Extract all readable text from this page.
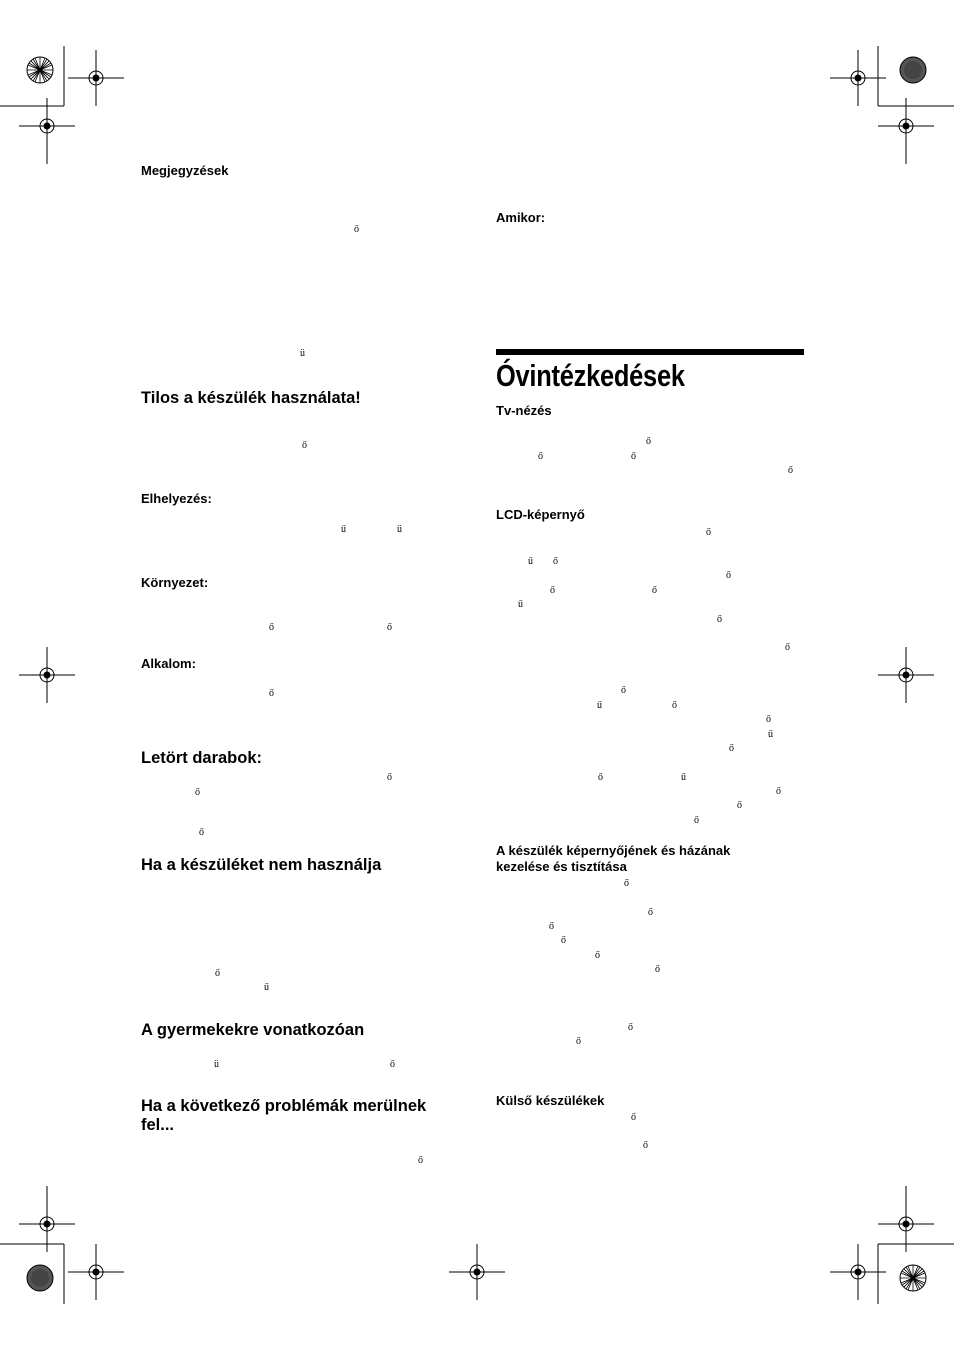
Megjegyzések
Tilos a készülék használata!
Elhelyezés:
Környezet:
Alkalom:
Letört darabok:
Ha a készüléket nem használja
A gyermekekre vonatkozóan
Ha a következő problémák merülnek fel...
Amikor:
Óvintézkedések
Tv-nézés
LCD-képernyő
A készülék képernyőjének és házának kezelése és tisztítása
Külső készülékek
ő
ü
ő
ű	ü
ő	ő
ő
ő
ő
ő
ő
ű
ü	ő
ő
ő
ő	ő
ő
ő
ű ő
ő
ő	ő
ű
ő
ő
ő
ű	ő
ő
ű
ő
ő	ű
ő
ő
ő
ő
ő
ő
ő
ő
ő
ő
ő
ő
ő
